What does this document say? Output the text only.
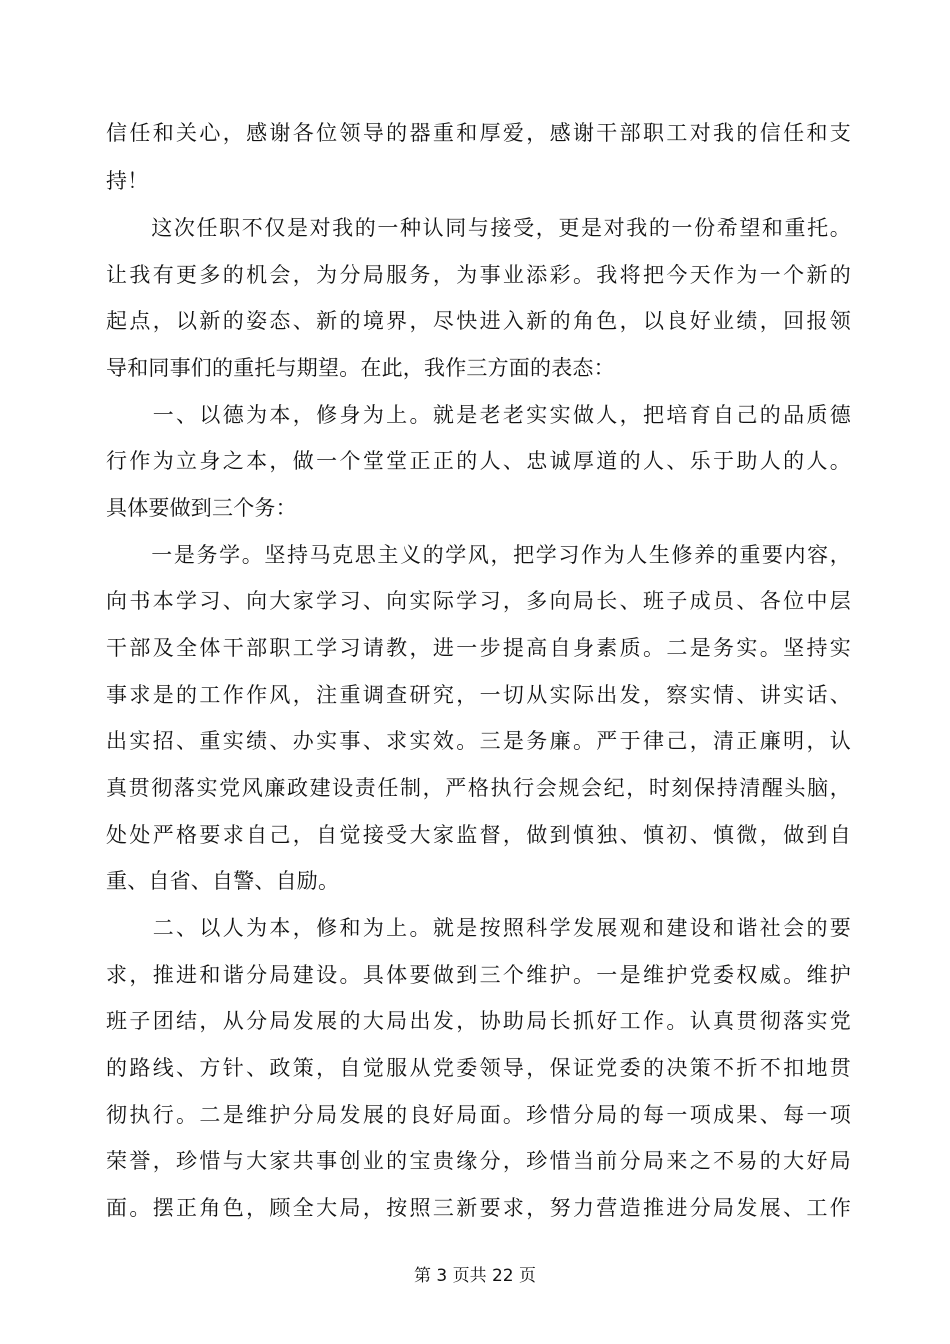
信任和关心，感谢各位领导的器重和厚爱，感谢干部职工对我的信任和支
持！
　　这次任职不仅是对我的一种认同与接受，更是对我的一份希望和重托。
让我有更多的机会，为分局服务，为事业添彩。我将把今天作为一个新的
起点，以新的姿态、新的境界，尽快进入新的角色，以良好业绩，回报领
导和同事们的重托与期望。在此，我作三方面的表态：
　　一、以德为本，修身为上。就是老老实实做人，把培育自己的品质德
行作为立身之本，做一个堂堂正正的人、忠诚厚道的人、乐于助人的人。
具体要做到三个务：
　　一是务学。坚持马克思主义的学风，把学习作为人生修养的重要内容，
向书本学习、向大家学习、向实际学习，多向局长、班子成员、各位中层
干部及全体干部职工学习请教，进一步提高自身素质。二是务实。坚持实
事求是的工作作风，注重调查研究，一切从实际出发，察实情、讲实话、
出实招、重实绩、办实事、求实效。三是务廉。严于律己，清正廉明，认
真贯彻落实党风廉政建设责任制，严格执行会规会纪，时刻保持清醒头脑，
处处严格要求自己，自觉接受大家监督，做到慎独、慎初、慎微，做到自
重、自省、自警、自励。
　　二、以人为本，修和为上。就是按照科学发展观和建设和谐社会的要
求，推进和谐分局建设。具体要做到三个维护。一是维护党委权威。维护
班子团结，从分局发展的大局出发，协助局长抓好工作。认真贯彻落实党
的路线、方针、政策，自觉服从党委领导，保证党委的决策不折不扣地贯
彻执行。二是维护分局发展的良好局面。珍惜分局的每一项成果、每一项
荣誉，珍惜与大家共事创业的宝贵缘分，珍惜当前分局来之不易的大好局
面。摆正角色，顾全大局，按照三新要求，努力营造推进分局发展、工作
第 3 页共 22 页
